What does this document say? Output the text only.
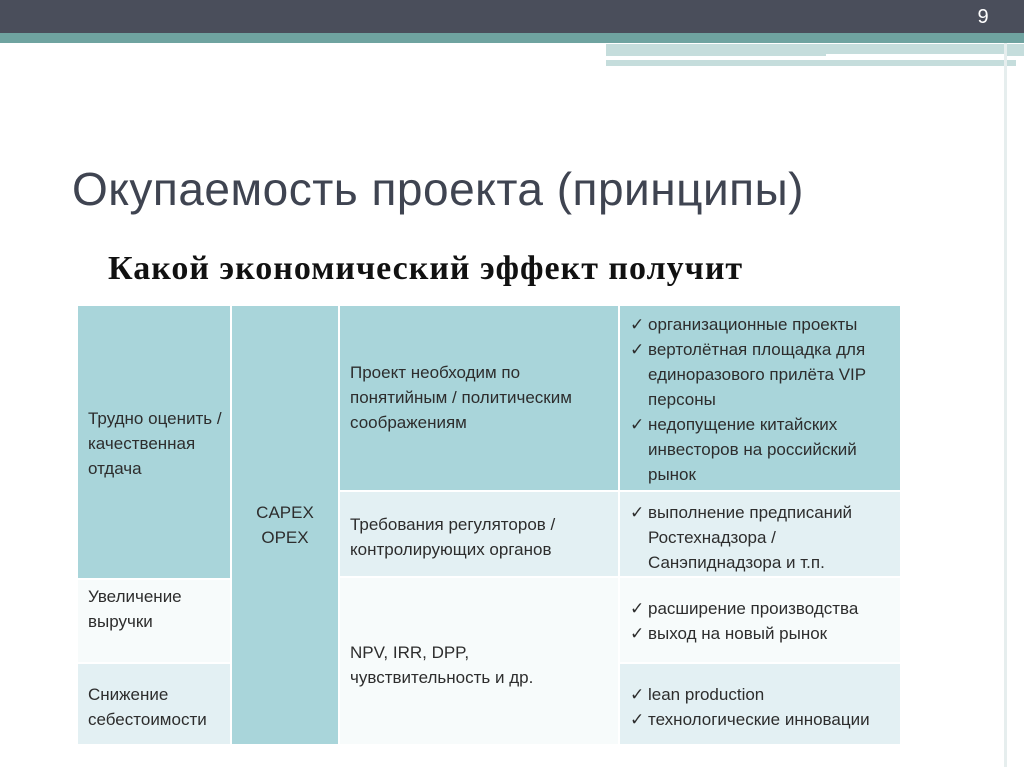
9
Окупаемость проекта (принципы)
Какой экономический эффект получит

Трудно оценить / качественная отдача

Увеличение выручки

Снижение себестоимости

CAPEX
OPEX

Проект необходим по понятийным / политическим соображениям

Требования регуляторов / контролирующих органов

NPV, IRR, DPP, чувствительность и др.

✓ организационные проекты
✓ вертолётная площадка для единоразового прилёта VIP персоны
✓ недопущение китайских инвесторов на российский рынок
✓ выполнение предписаний Ростехнадзора / Санэпиднадзора и т.п.
✓ расширение производства
✓ выход на новый рынок
✓ lean production
✓ технологические инновации
